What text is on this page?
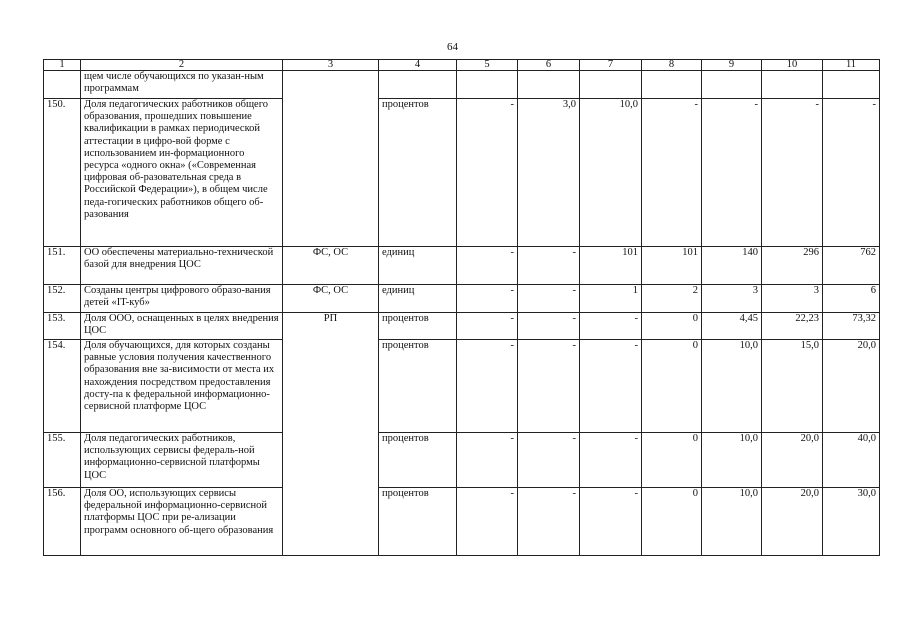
64
1	2	3	4	5	6	7	8	9	10	11
	щем числе обучающихся по указан-ным программам									
150.	Доля педагогических работников общего образования, прошедших повышение квалификации в рамках периодической аттестации в цифро-вой форме с использованием ин-формационного ресурса «одного окна» («Современная цифровая об-разовательная среда в Российской Федерации»), в общем числе педа-гогических работников общего об-разования		процентов	-	3,0	10,0	-	-	-	-
151.	ОО обеспечены материально-технической базой для внедрения ЦОС	ФС, ОС	единиц	-	-	101	101	140	296	762
152.	Созданы центры цифрового образо-вания детей «IT-куб»	ФС, ОС	единиц	-	-	1	2	3	3	6
153.	Доля ООО, оснащенных в целях внедрения ЦОС	РП	процентов	-	-	-	0	4,45	22,23	73,32
154.	Доля обучающихся, для которых созданы равные условия получения качественного образования вне за-висимости от места их нахождения посредством предоставления досту-па к федеральной информационно-сервисной платформе ЦОС		процентов	-	-	-	0	10,0	15,0	20,0
155.	Доля педагогических работников, использующих сервисы федераль-ной информационно-сервисной платформы ЦОС		процентов	-	-	-	0	10,0	20,0	40,0
156.	Доля ОО, использующих сервисы федеральной информационно-сервисной платформы ЦОС при ре-ализации программ основного об-щего образования		процентов	-	-	-	0	10,0	20,0	30,0
